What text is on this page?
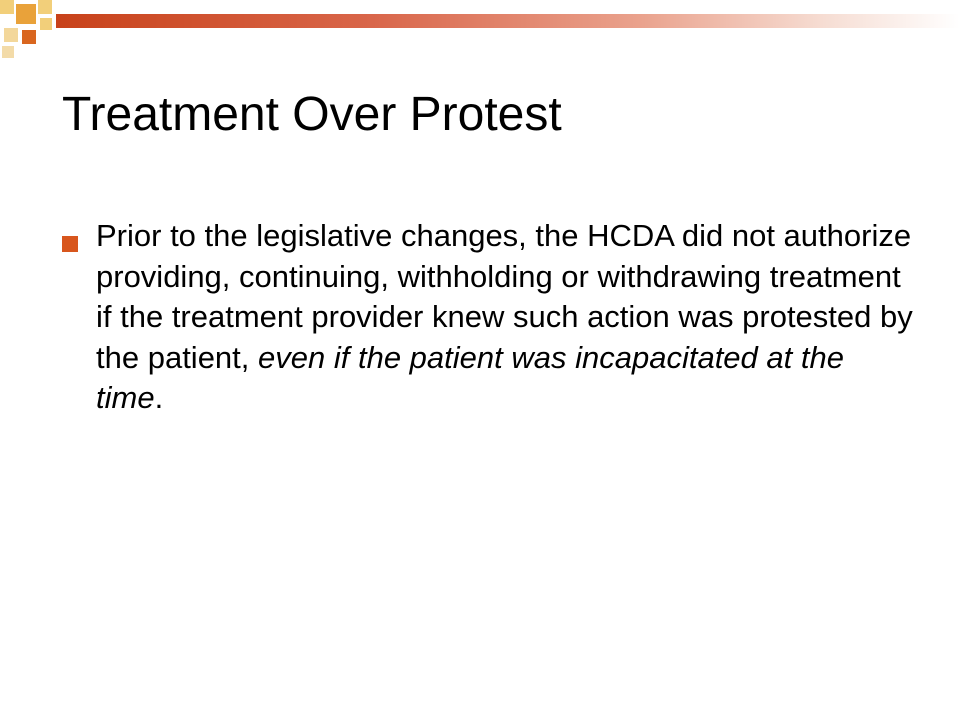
Treatment Over Protest
Prior to the legislative changes, the HCDA did not authorize providing, continuing, withholding or withdrawing treatment if the treatment provider knew such action was protested by the patient, even if the patient was incapacitated at the time.
